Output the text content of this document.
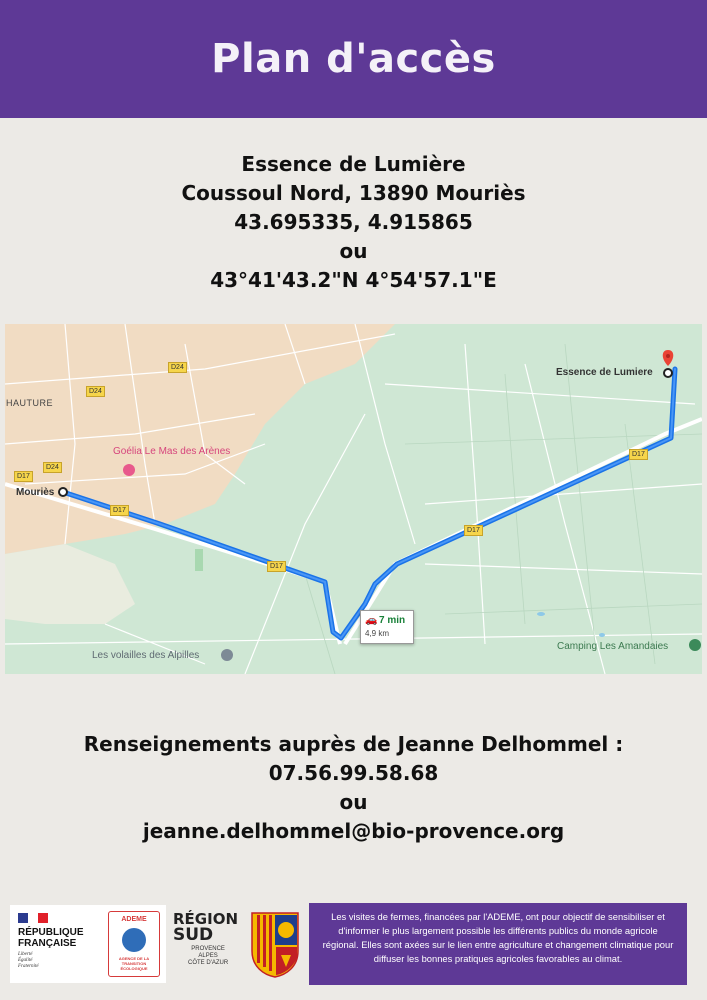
Plan d'accès
Essence de Lumière
Coussoul Nord, 13890 Mouriès
43.695335, 4.915865
ou
43°41'43.2"N 4°54'57.1"E
Essence de Lumiere
Mouriès
HAUTURE
Goélia Le Mas des Arènes
Les volailles des Alpilles
Camping Les Amandaies
D24
D24
D24
D17
D17
D17
D17
D17
🚗 7 min
4,9 km
Renseignements auprès de Jeanne Delhommel :
07.56.99.58.68
ou
jeanne.delhommel@bio-provence.org
RÉPUBLIQUE
FRANÇAISE
Liberté
Égalité
Fraternité
ADEME
AGENCE DE LA TRANSITION ÉCOLOGIQUE
RÉGION
SUD
PROVENCE
ALPES
CÔTE D'AZUR
Les visites de fermes, financées par l'ADEME, ont pour objectif de sensibiliser et d'informer le plus largement possible les différents publics du monde agricole régional. Elles sont axées sur le lien entre agriculture et changement climatique pour diffuser les bonnes pratiques agricoles favorables au climat.
